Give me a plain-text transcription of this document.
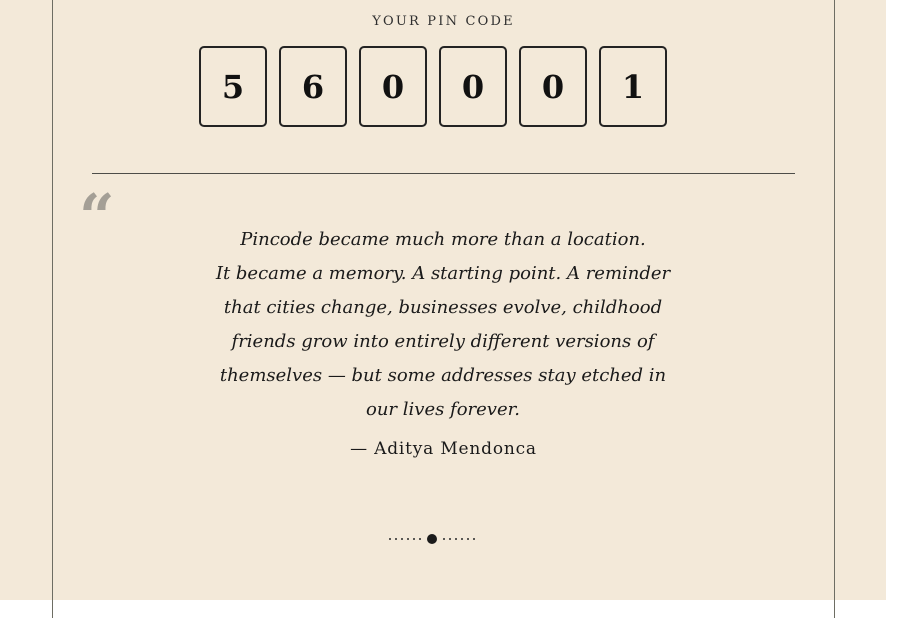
YOUR PIN CODE
5	6	0	0	0	1
“	Pincode became much more than a location.
It became a memory. A starting point. A reminder
that cities change, businesses evolve, childhood
friends grow into entirely different versions of
themselves — but some addresses stay etched in
our lives forever.
— Aditya Mendonca
